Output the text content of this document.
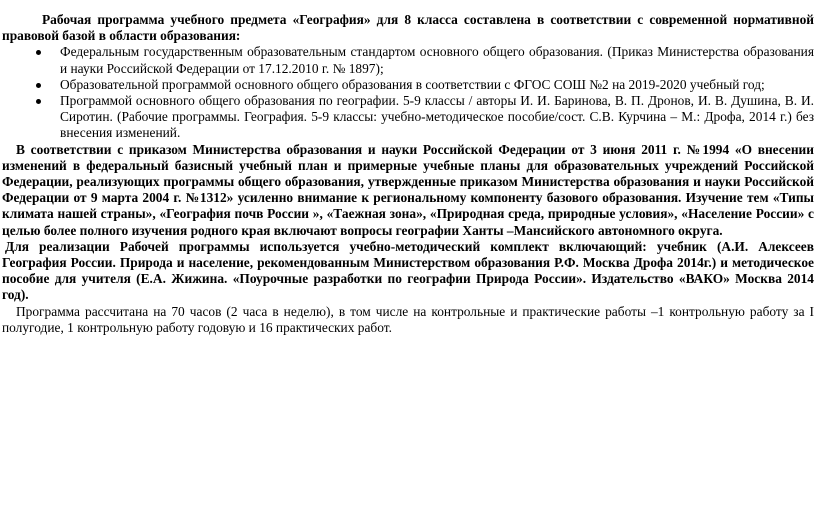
Рабочая программа учебного предмета «География» для 8 класса составлена в соответствии с современной нормативной правовой базой в области образования:

Федеральным государственным образовательным стандартом основного общего образования. (Приказ Министерства образования и науки Российской Федерации от 17.12.2010 г. № 1897);
Образовательной программой основного общего образования в соответствии с ФГОС СОШ №2 на 2019-2020 учебный год;
Программой основного общего образования по географии. 5-9 классы / авторы И. И. Баринова, В. П. Дронов, И. В. Душина, В. И. Сиротин. (Рабочие программы. География. 5-9 классы: учебно-методическое пособие/сост. С.В. Курчина – М.: Дрофа, 2014 г.) без внесения изменений.

В соответствии с приказом Министерства образования и науки Российской Федерации от 3 июня 2011 г. №1994 «О внесении изменений в федеральный базисный учебный план и примерные учебные планы для образовательных учреждений Российской Федерации, реализующих программы общего образования, утвержденные приказом Министерства образования и науки Российской Федерации от 9 марта 2004 г. №1312» усиленно внимание к региональному компоненту базового образования. Изучение тем «Типы климата нашей страны», «География почв России », «Таежная зона», «Природная среда, природные условия», «Население России» с целью более полного изучения родного края включают вопросы географии Ханты –Мансийского автономного округа.

Для реализации Рабочей программы используется учебно-методический комплект включающий: учебник (А.И. Алексеев География России. Природа и население, рекомендованным Министерством образования Р.Ф. Москва Дрофа 2014г.) и методическое пособие для учителя (Е.А. Жижина. «Поурочные разработки по географии Природа России». Издательство «ВАКО» Москва 2014 год).

Программа рассчитана на 70 часов (2 часа в неделю), в том числе на контрольные и практические работы –1 контрольную работу за I полугодие, 1 контрольную работу годовую и 16 практических работ.
